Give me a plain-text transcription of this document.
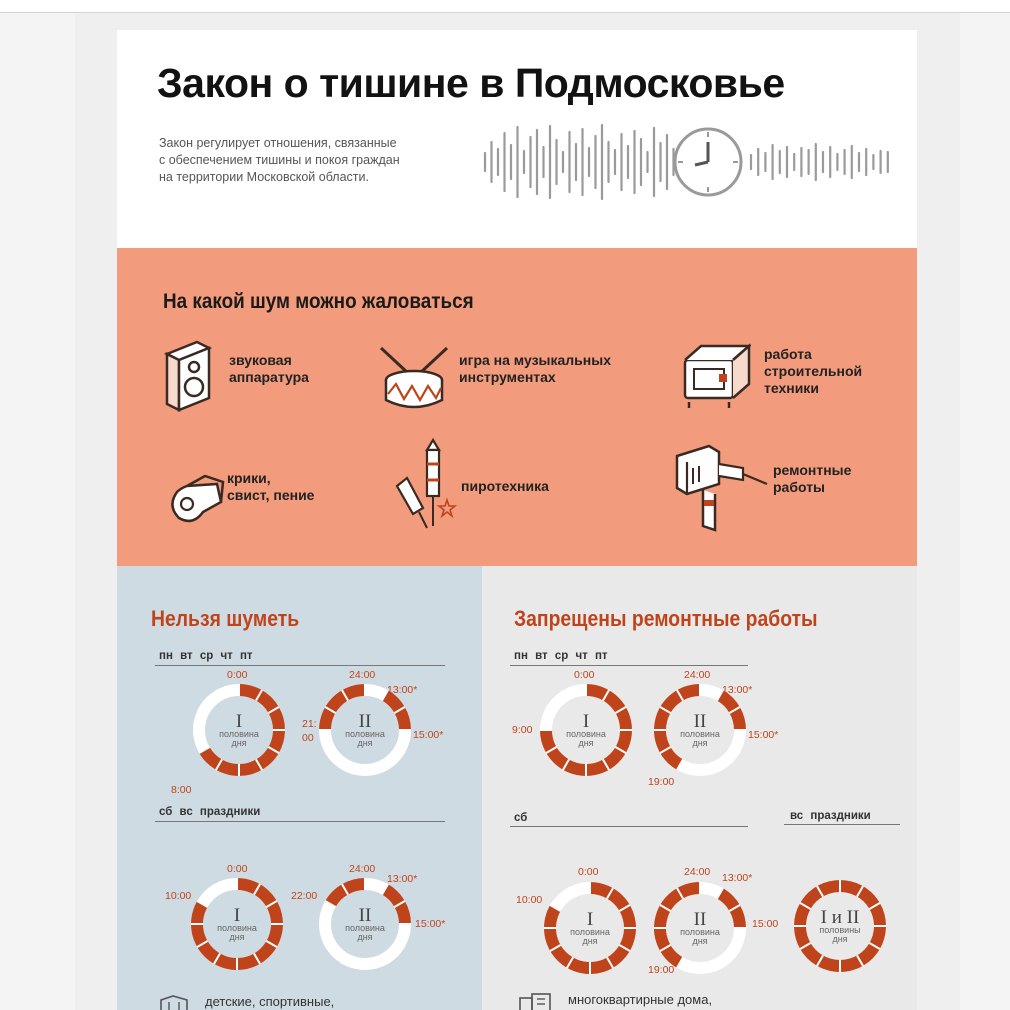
Закон о тишине в Подмосковье
Закон регулирует отношения, связанные
с обеспечением тишины и покоя граждан
на территории Московской области.
На какой шум можно жаловаться
звуковая
аппаратура
игра на музыкальных
инструментах
работа
строительной
техники
крики,
свист, пение
пиротехника
ремонтные
работы
Нельзя шуметь
пн вт ср чт пт
I
половина
дня
0:00
8:00
II
половина
дня
24:00
13:00*
15:00*
21:
00
сб вс праздники
I
половина
дня
0:00
10:00
II
половина
дня
24:00
13:00*
22:00
15:00*
детские, спортивные,
Запрещены ремонтные работы
пн вт ср чт пт
I
половина
дня
0:00
9:00	II
половина
дня
24:00
13:00*
15:00*
19:00
сб	вс праздники
I
половина
дня
0:00
10:00
II
половина
дня
24:00 13:00*
15:00
19:00
I и II
половины
дня
многоквартирные дома,
